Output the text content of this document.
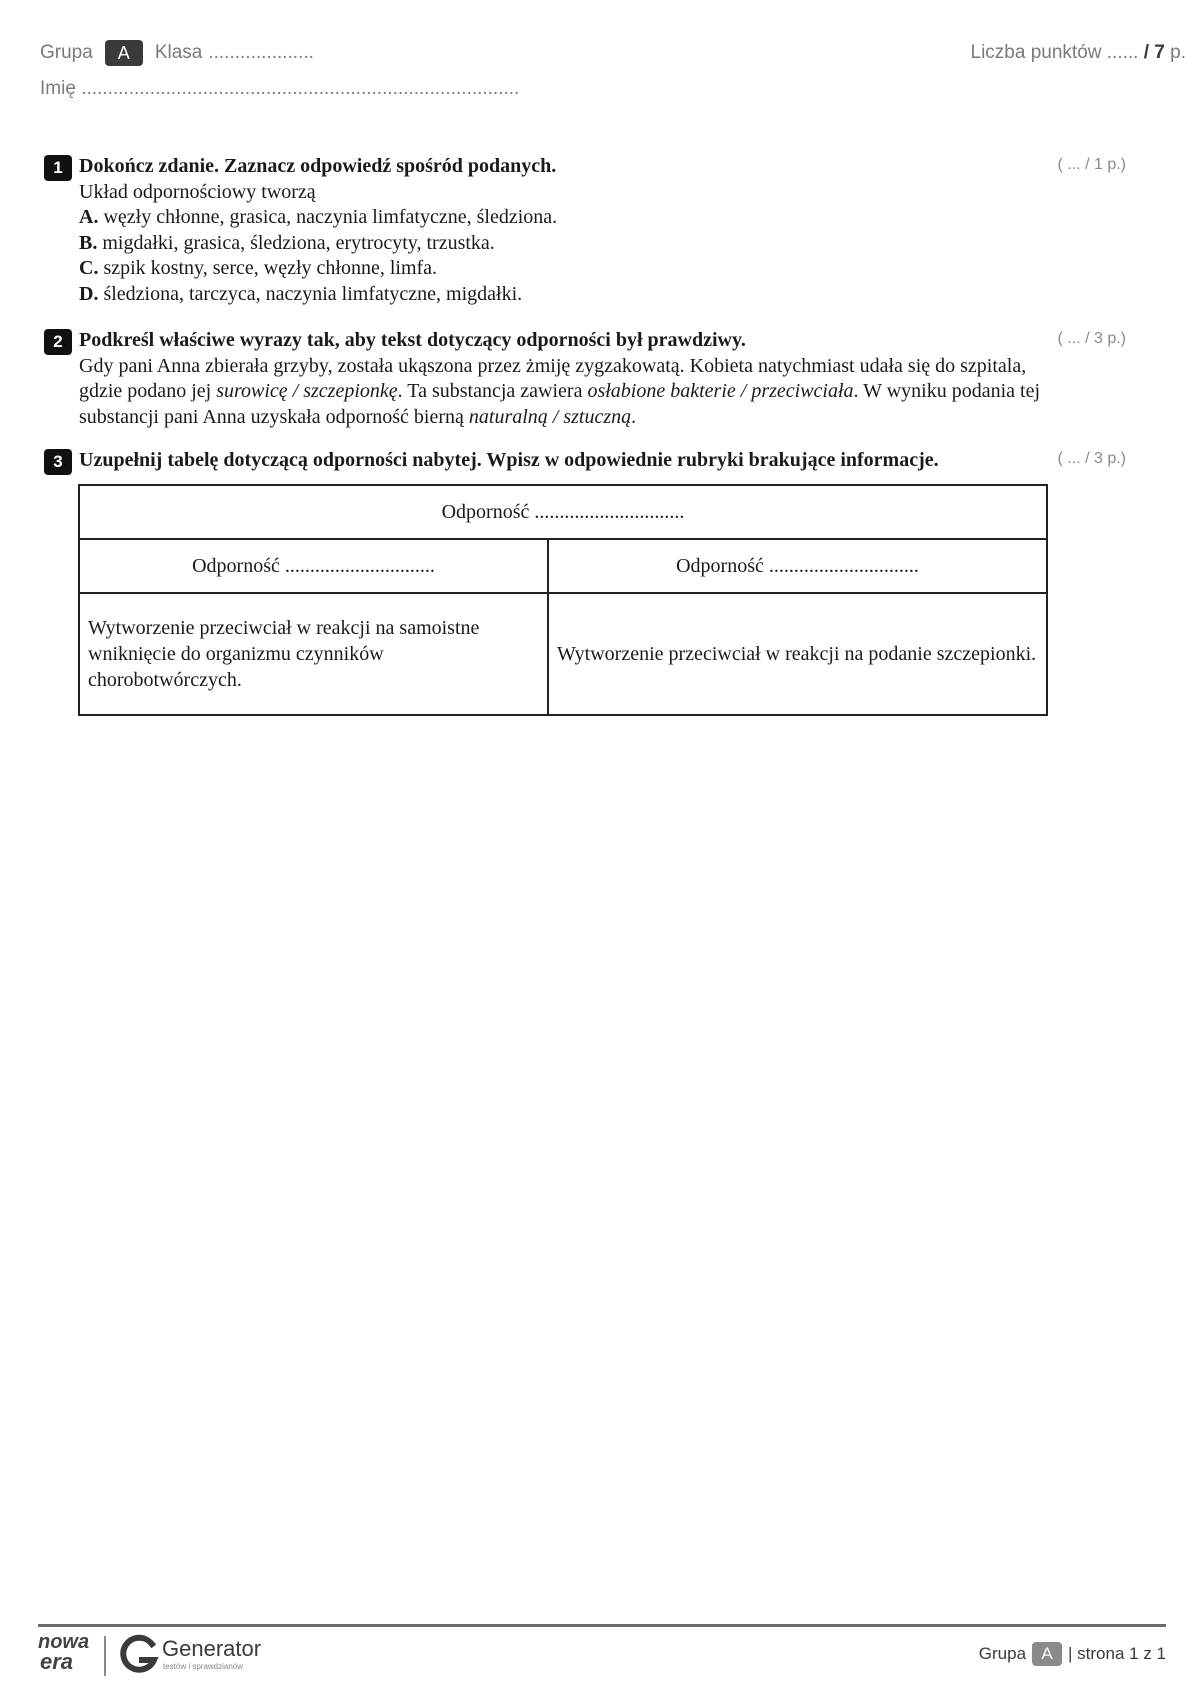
Grupa	A	Klasa ....................
Imię ...................................................................................
Liczba punktów ...... / 7 p.
1	( ... / 1 p.)
Dokończ zdanie. Zaznacz odpowiedź spośród podanych.
Układ odpornościowy tworzą
A. węzły chłonne, grasica, naczynia limfatyczne, śledziona.
B. migdałki, grasica, śledziona, erytrocyty, trzustka.
C. szpik kostny, serce, węzły chłonne, limfa.
D. śledziona, tarczyca, naczynia limfatyczne, migdałki.
2	( ... / 3 p.)
Podkreśl właściwe wyrazy tak, aby tekst dotyczący odporności był prawdziwy.
Gdy pani Anna zbierała grzyby, została ukąszona przez żmiję zygzakowatą. Kobieta natychmiast udała się do szpitala, gdzie podano jej surowicę / szczepionkę. Ta substancja zawiera osłabione bakterie / przeciwciała. W wyniku podania tej substancji pani Anna uzyskała odporność bierną naturalną / sztuczną.
3	( ... / 3 p.)
Uzupełnij tabelę dotyczącą odporności nabytej. Wpisz w odpowiednie rubryki brakujące informacje.
Odporność ..............................	
Odporność ..............................	Odporność ..............................
Wytworzenie przeciwciał w reakcji na samoistne wniknięcie do organizmu czynników chorobotwórczych.	Wytworzenie przeciwciał w reakcji na podanie szczepionki.
nowa
era
Generator
testów i sprawdzianów
Grupa A | strona 1 z 1
